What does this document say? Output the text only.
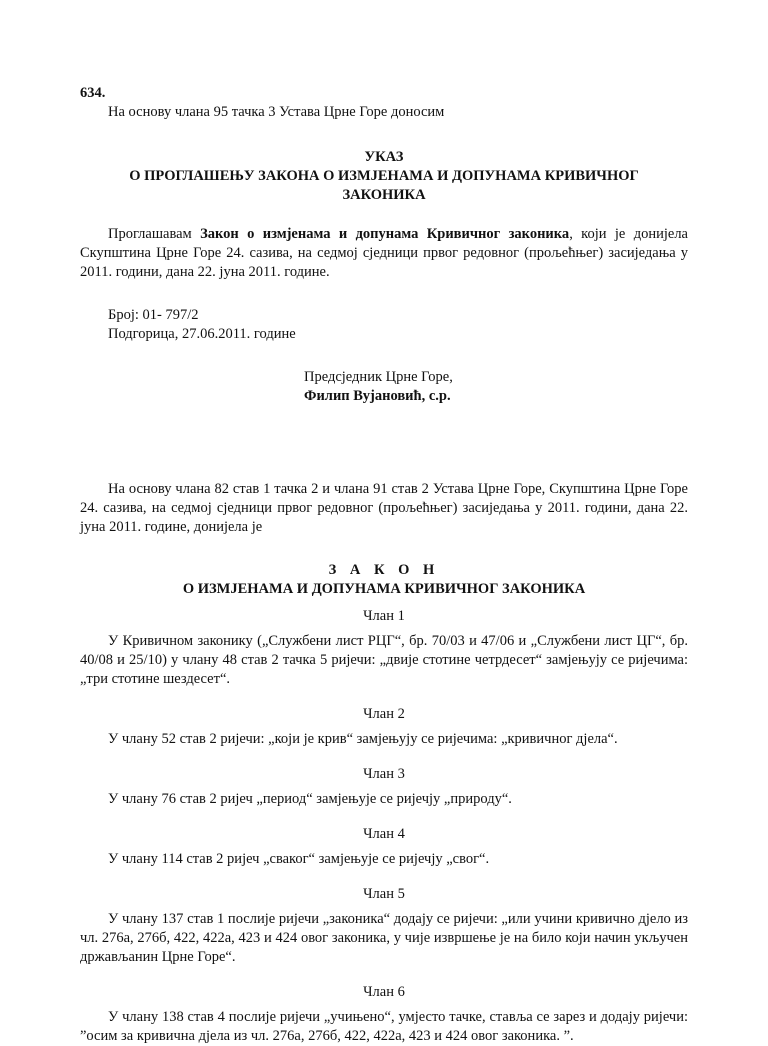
634.

На основу члана 95 тачка 3 Устава Црне Горе доносим

УКАЗ

О ПРОГЛАШЕЊУ ЗАКОНА О ИЗМЈЕНАМА И ДОПУНАМА КРИВИЧНОГ

ЗАКОНИКА

Проглашавам Закон о измјенама и допунама Кривичног законика, који је донијела Скупштина Црне Горе 24. сазива, на седмој сједници првог редовног (прољећњег) засиједања у 2011. години, дана 22. јуна 2011. године.

Број: 01- 797/2

Подгорица, 27.06.2011. године

Предсједник Црне Горе,

Филип Вујановић, с.р.

На основу члана 82 став 1 тачка 2 и члана 91 став 2 Устава Црне Горе, Скупштина Црне Горе 24. сазива, на седмој сједници првог редовног (прољећњег) засиједања у 2011. години, дана 22. јуна 2011. године, донијела је

З А К О Н

О ИЗМЈЕНАМА И ДОПУНАМА КРИВИЧНОГ ЗАКОНИКА

Члан 1

У Кривичном законику („Службени лист РЦГ“, бр. 70/03 и 47/06 и „Службени лист ЦГ“, бр. 40/08 и 25/10) у члану 48 став 2 тачка 5 ријечи: „двије стотине четрдесет“ замјењују се ријечима: „три стотине шездесет“.

Члан 2

У члану 52 став 2 ријечи: „који је крив“ замјењују се ријечима: „кривичног дјела“.

Члан 3

У члану 76 став 2 ријеч „период“ замјењује се ријечју „природу“.

Члан 4

У члану 114 став 2 ријеч „сваког“ замјењује се ријечју „свог“.

Члан 5

У члану 137 став 1 послије ријечи „законика“ додају се ријечи: „или учини кривично дјело из чл. 276а, 276б, 422, 422а, 423 и 424 овог законика, у чије извршење је на било који начин укључен држављанин Црне Горе“.

Члан 6

У члану 138 став 4 послије ријечи „учињено“, умјесто тачке, ставља се зарез и додају ријечи: ”осим за кривична дјела из чл. 276а, 276б, 422, 422а, 423 и 424 овог законика. ”.
